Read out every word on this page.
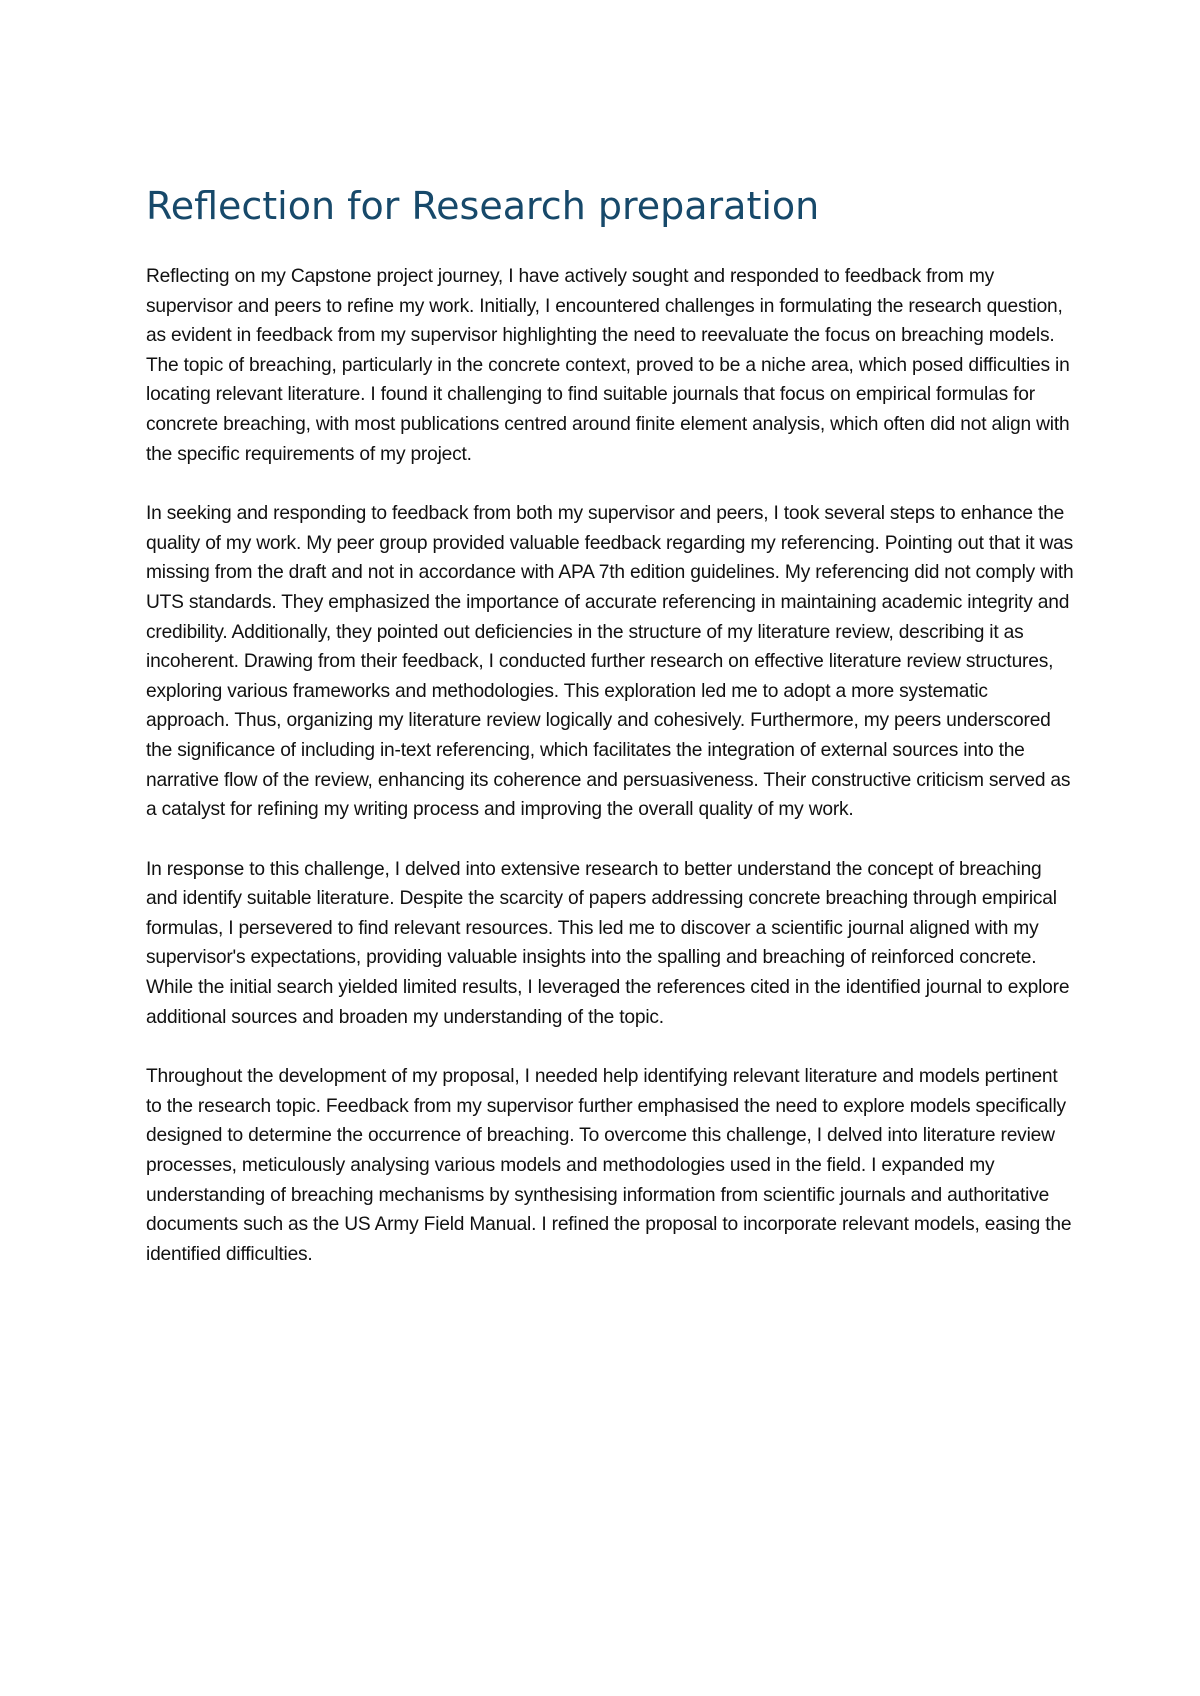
Reflection for Research preparation

Reflecting on my Capstone project journey, I have actively sought and responded to feedback from my supervisor and peers to refine my work. Initially, I encountered challenges in formulating the research question, as evident in feedback from my supervisor highlighting the need to reevaluate the focus on breaching models. The topic of breaching, particularly in the concrete context, proved to be a niche area, which posed difficulties in locating relevant literature. I found it challenging to find suitable journals that focus on empirical formulas for concrete breaching, with most publications centred around finite element analysis, which often did not align with the specific requirements of my project.

In seeking and responding to feedback from both my supervisor and peers, I took several steps to enhance the quality of my work. My peer group provided valuable feedback regarding my referencing. Pointing out that it was missing from the draft and not in accordance with APA 7th edition guidelines. My referencing did not comply with UTS standards. They emphasized the importance of accurate referencing in maintaining academic integrity and credibility. Additionally, they pointed out deficiencies in the structure of my literature review, describing it as incoherent. Drawing from their feedback, I conducted further research on effective literature review structures, exploring various frameworks and methodologies. This exploration led me to adopt a more systematic approach. Thus, organizing my literature review logically and cohesively. Furthermore, my peers underscored the significance of including in-text referencing, which facilitates the integration of external sources into the narrative flow of the review, enhancing its coherence and persuasiveness. Their constructive criticism served as a catalyst for refining my writing process and improving the overall quality of my work.

In response to this challenge, I delved into extensive research to better understand the concept of breaching and identify suitable literature. Despite the scarcity of papers addressing concrete breaching through empirical formulas, I persevered to find relevant resources. This led me to discover a scientific journal aligned with my supervisor's expectations, providing valuable insights into the spalling and breaching of reinforced concrete. While the initial search yielded limited results, I leveraged the references cited in the identified journal to explore additional sources and broaden my understanding of the topic.

Throughout the development of my proposal, I needed help identifying relevant literature and models pertinent to the research topic. Feedback from my supervisor further emphasised the need to explore models specifically designed to determine the occurrence of breaching. To overcome this challenge, I delved into literature review processes, meticulously analysing various models and methodologies used in the field. I expanded my understanding of breaching mechanisms by synthesising information from scientific journals and authoritative documents such as the US Army Field Manual. I refined the proposal to incorporate relevant models, easing the identified difficulties.
